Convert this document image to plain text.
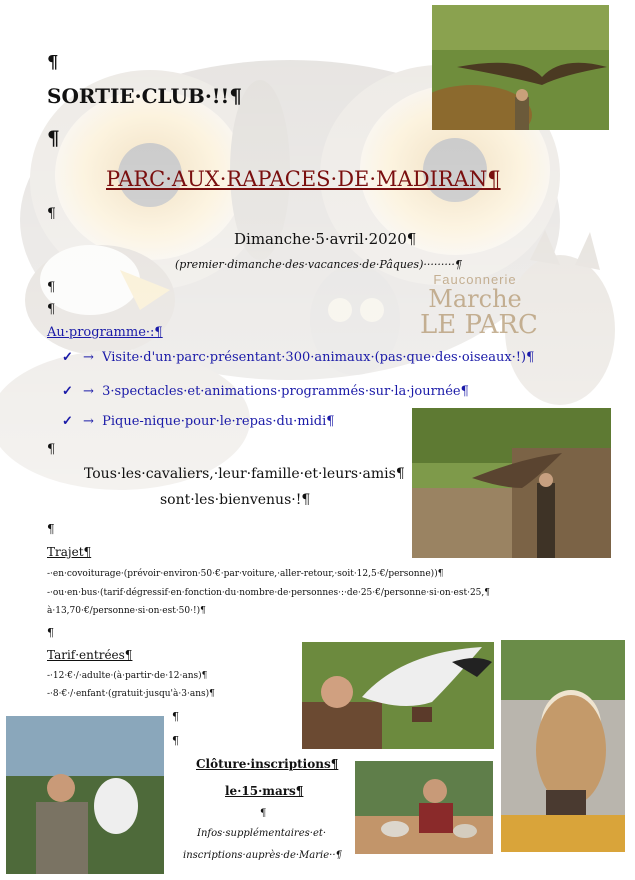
Fauconnerie
Marche
LE PARC
¶
SORTIE·CLUB·!!¶
¶
PARC·AUX·RAPACES·DE·MADIRAN¶
¶
Dimanche·5·avril·2020¶
(premier·dimanche·des·vacances·de·Pâques)·········¶
¶
¶
Au·programme·:¶
✓ → Visite·d'un·parc·présentant·300·animaux·(pas·que·des·oiseaux·!)¶
✓ → 3·spectacles·et·animations·programmés·sur·la·journée¶
✓ → Pique-nique·pour·le·repas·du·midi¶
¶
Tous·les·cavaliers,·leur·famille·et·leurs·amis¶
sont·les·bienvenus·!¶
¶
Trajet¶
-·en·covoiturage·(prévoir·environ·50·€·par·voiture,·aller-retour,·soit·12,5·€/personne))¶
-·ou·en·bus·(tarif·dégressif·en·fonction·du·nombre·de·personnes·:·de·25·€/personne·si·on·est·25,¶
à·13,70·€/personne·si·on·est·50·!)¶
¶
Tarif·entrées¶
-·12·€·/·adulte·(à·partir·de·12·ans)¶
-·8·€·/·enfant·(gratuit·jusqu'à·3·ans)¶
¶
¶
Clôture·inscriptions¶
le·15·mars¶
¶
Infos·supplémentaires·et·
inscriptions·auprès·de·Marie··¶
